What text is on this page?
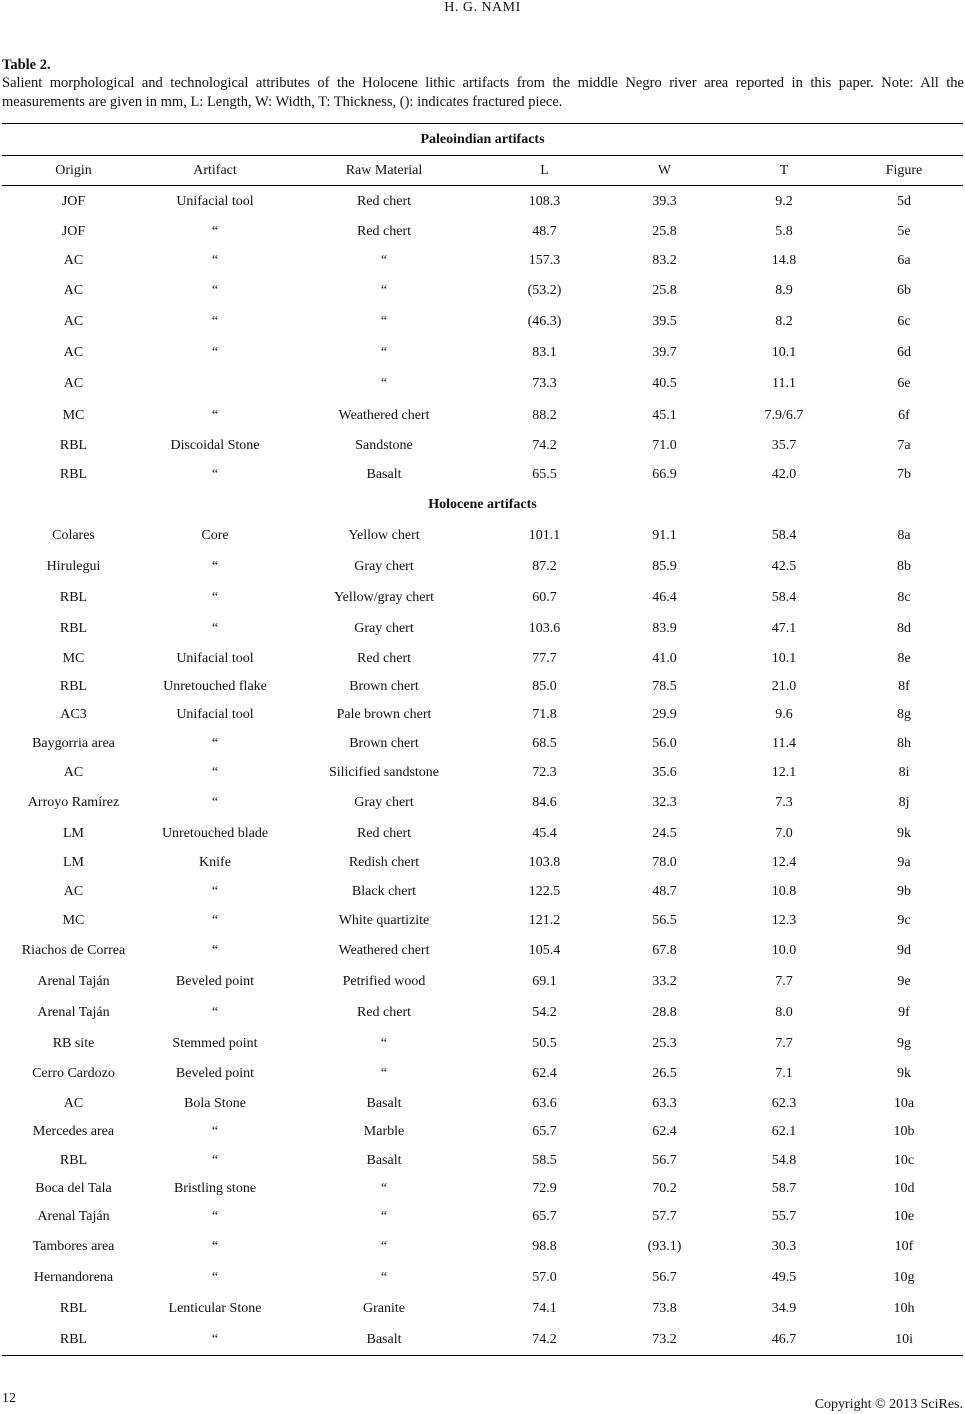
H. G. NAMI
Table 2.
Salient morphological and technological attributes of the Holocene lithic artifacts from the middle Negro river area reported in this paper. Note: All the measurements are given in mm, L: Length, W: Width, T: Thickness, (): indicates fractured piece.
Paleoindian artifacts						
Origin	Artifact	Raw Material	L	W	T	Figure
JOF	Unifacial tool	Red chert	108.3	39.3	9.2	5d
JOF	“	Red chert	48.7	25.8	5.8	5e
AC	“	“	157.3	83.2	14.8	6a
AC	“	“	(53.2)	25.8	8.9	6b
AC	“	“	(46.3)	39.5	8.2	6c
AC	“	“	83.1	39.7	10.1	6d
AC		“	73.3	40.5	11.1	6e
MC	“	Weathered chert	88.2	45.1	7.9/6.7	6f
RBL	Discoidal Stone	Sandstone	74.2	71.0	35.7	7a
RBL	“	Basalt	65.5	66.9	42.0	7b
Holocene artifacts						
Colares	Core	Yellow chert	101.1	91.1	58.4	8a
Hirulegui	“	Gray chert	87.2	85.9	42.5	8b
RBL	“	Yellow/gray chert	60.7	46.4	58.4	8c
RBL	“	Gray chert	103.6	83.9	47.1	8d
MC	Unifacial tool	Red chert	77.7	41.0	10.1	8e
RBL	Unretouched flake	Brown chert	85.0	78.5	21.0	8f
AC3	Unifacial tool	Pale brown chert	71.8	29.9	9.6	8g
Baygorria area	“	Brown chert	68.5	56.0	11.4	8h
AC	“	Silicified sandstone	72.3	35.6	12.1	8i
Arroyo Ramírez	“	Gray chert	84.6	32.3	7.3	8j
LM	Unretouched blade	Red chert	45.4	24.5	7.0	9k
LM	Knife	Redish chert	103.8	78.0	12.4	9a
AC	“	Black chert	122.5	48.7	10.8	9b
MC	“	White quartizite	121.2	56.5	12.3	9c
Riachos de Correa	“	Weathered chert	105.4	67.8	10.0	9d
Arenal Taján	Beveled point	Petrified wood	69.1	33.2	7.7	9e
Arenal Taján	“	Red chert	54.2	28.8	8.0	9f
RB site	Stemmed point	“	50.5	25.3	7.7	9g
Cerro Cardozo	Beveled point	“	62.4	26.5	7.1	9k
AC	Bola Stone	Basalt	63.6	63.3	62.3	10a
Mercedes area	“	Marble	65.7	62.4	62.1	10b
RBL	“	Basalt	58.5	56.7	54.8	10c
Boca del Tala	Bristling stone	“	72.9	70.2	58.7	10d
Arenal Taján	“	“	65.7	57.7	55.7	10e
Tambores area	“	“	98.8	(93.1)	30.3	10f
Hernandorena	“	“	57.0	56.7	49.5	10g
RBL	Lenticular Stone	Granite	74.1	73.8	34.9	10h
RBL	“	Basalt	74.2	73.2	46.7	10i
12	Copyright © 2013 SciRes.
